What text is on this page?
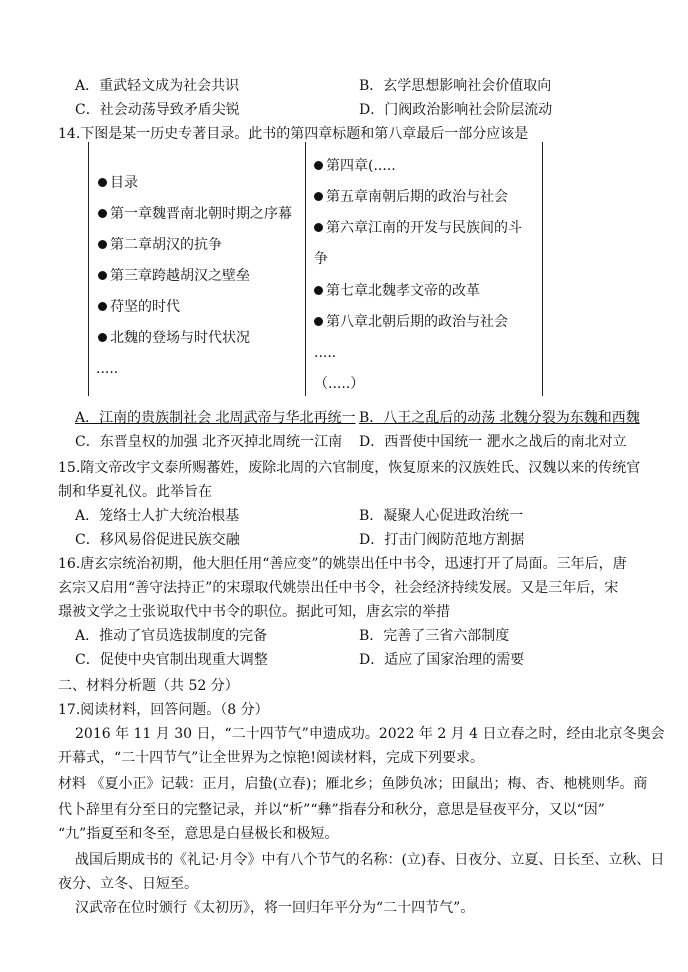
A．重武轻文成为社会共识	B．玄学思想影响社会价值取向
C．社会动荡导致矛盾尖锐	D．门阀政治影响社会阶层流动
14.下图是某一历史专著目录。此书的第四章标题和第八章最后一部分应该是
目录
第一章魏晋南北朝时期之序幕
第二章胡汉的抗争
第三章跨越胡汉之壁垒
苻坚的时代
北魏的登场与时代状况
.....
第四章(.....
第五章南朝后期的政治与社会
第六章江南的开发与民族间的斗
争
第七章北魏孝文帝的改革
第八章北朝后期的政治与社会
.....
（.....）
A．江南的贵族制社会 北周武帝与华北再统一 B．八王之乱后的动荡 北魏分裂为东魏和西魏
C．东晋皇权的加强 北齐灭掉北周统一江南 D．西晋使中国统一 淝水之战后的南北对立
15.隋文帝改宇文泰所赐蕃姓，废除北周的六官制度，恢复原来的汉族姓氏、汉魏以来的传统官
制和华夏礼仪。此举旨在
A．笼络士人扩大统治根基	B．凝聚人心促进政治统一
C．移风易俗促进民族交融	D．打击门阀防范地方割据
16.唐玄宗统治初期，他大胆任用“善应变”的姚崇出任中书令，迅速打开了局面。三年后，唐
玄宗又启用“善守法持正”的宋璟取代姚崇出任中书令，社会经济持续发展。又是三年后，宋
璟被文学之士张说取代中书令的职位。据此可知，唐玄宗的举措
A．推动了官员选拔制度的完备	B．完善了三省六部制度
C．促使中央官制出现重大调整	D．适应了国家治理的需要
二、材料分析题（共 52 分）
17.阅读材料，回答问题。（8 分）
2016 年 11 月 30 日，“二十四节气”申遗成功。2022 年 2 月 4 日立春之时，经由北京冬奥会
开幕式，“二十四节气”让全世界为之惊艳!阅读材料，完成下列要求。
材料 《夏小正》记载：正月，启蛰(立春)；雁北乡；鱼陟负冰；田鼠出；梅、杏、杝桃则华。商
代卜辞里有分至日的完整记录，并以“析”“彝”指春分和秋分，意思是昼夜平分，又以“因”
“九”指夏至和冬至，意思是白昼极长和极短。
战国后期成书的《礼记·月令》中有八个节气的名称：(立)春、日夜分、立夏、日长至、立秋、日
夜分、立冬、日短至。
汉武帝在位时颁行《太初历》，将一回归年平分为“二十四节气”。
